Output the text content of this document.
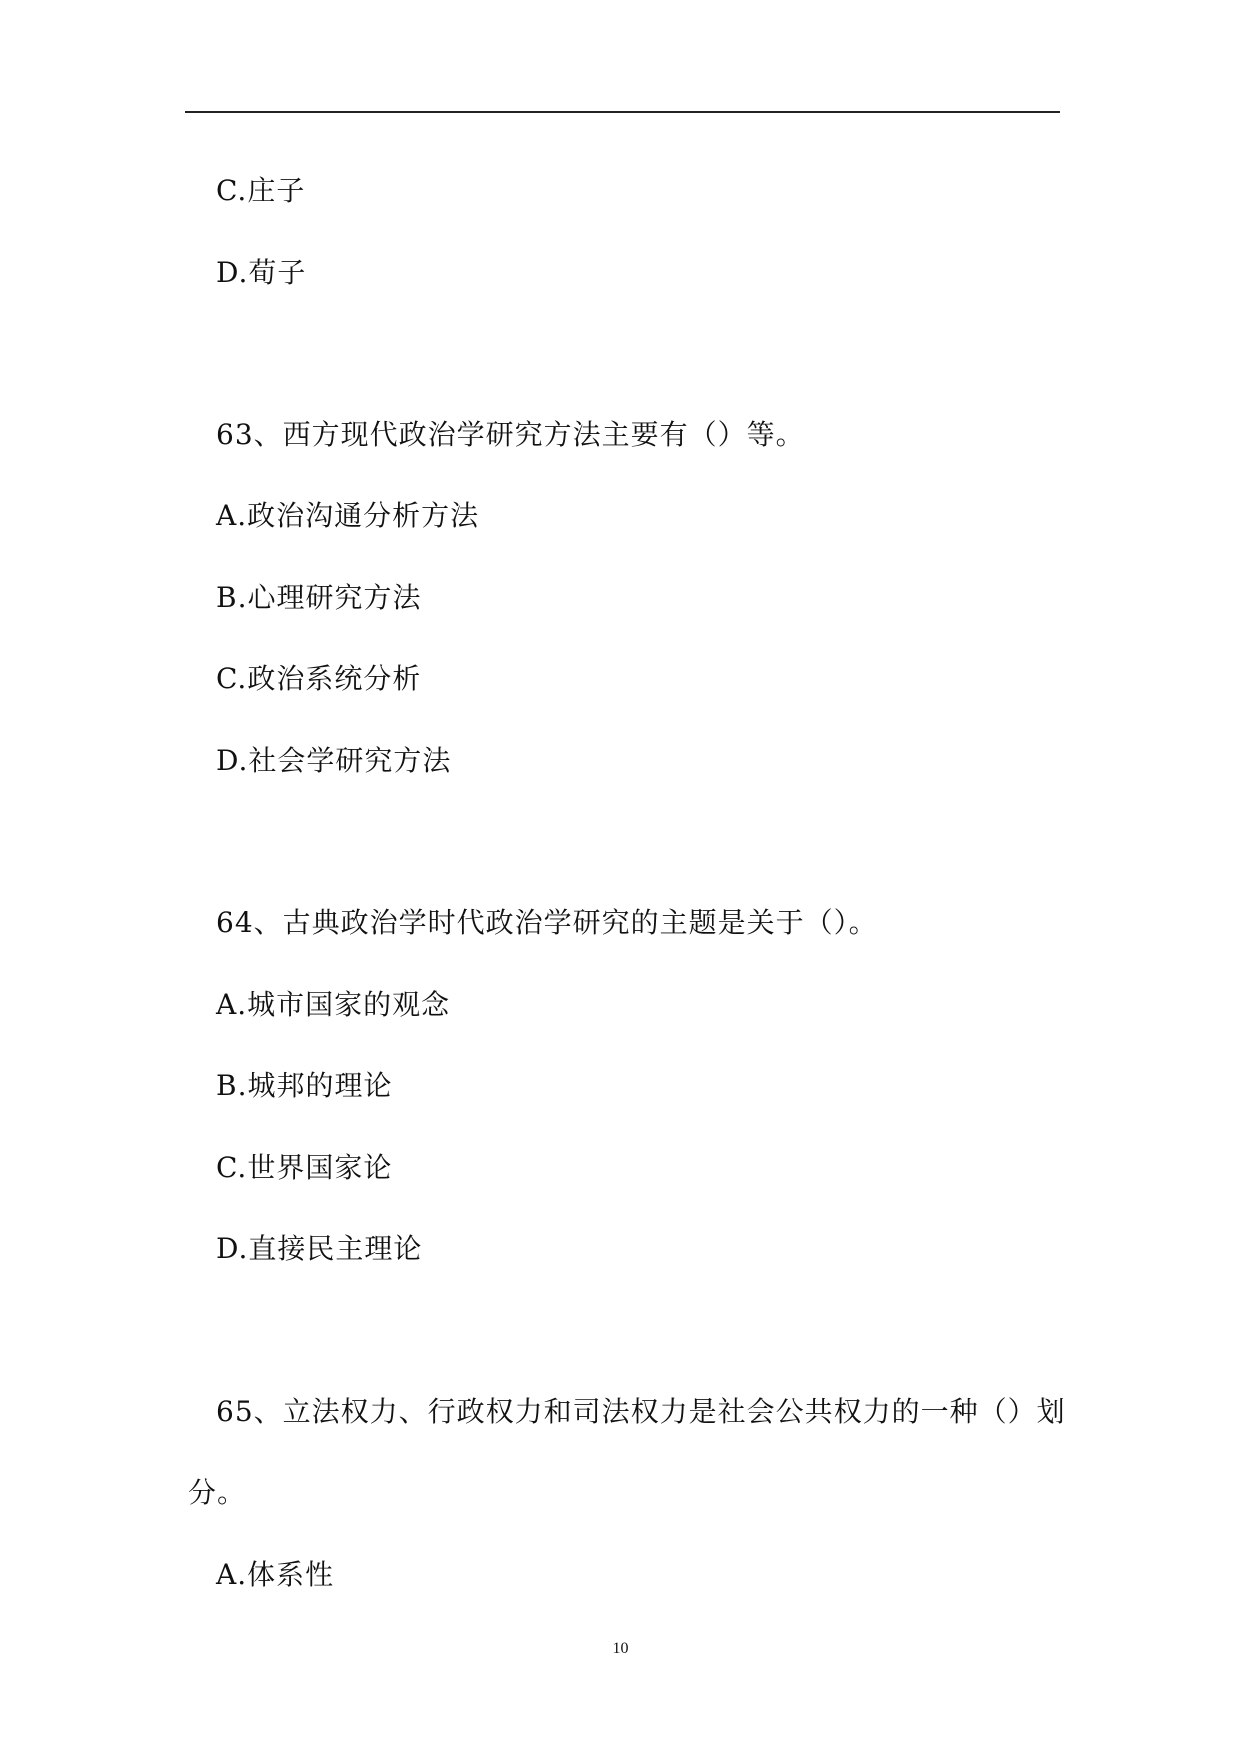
C.庄子
D.荀子
63、西方现代政治学研究方法主要有（）等。
A.政治沟通分析方法
B.心理研究方法
C.政治系统分析
D.社会学研究方法
64、古典政治学时代政治学研究的主题是关于（）。
A.城市国家的观念
B.城邦的理论
C.世界国家论
D.直接民主理论
65、立法权力、行政权力和司法权力是社会公共权力的一种（）划
分。
A.体系性
10
